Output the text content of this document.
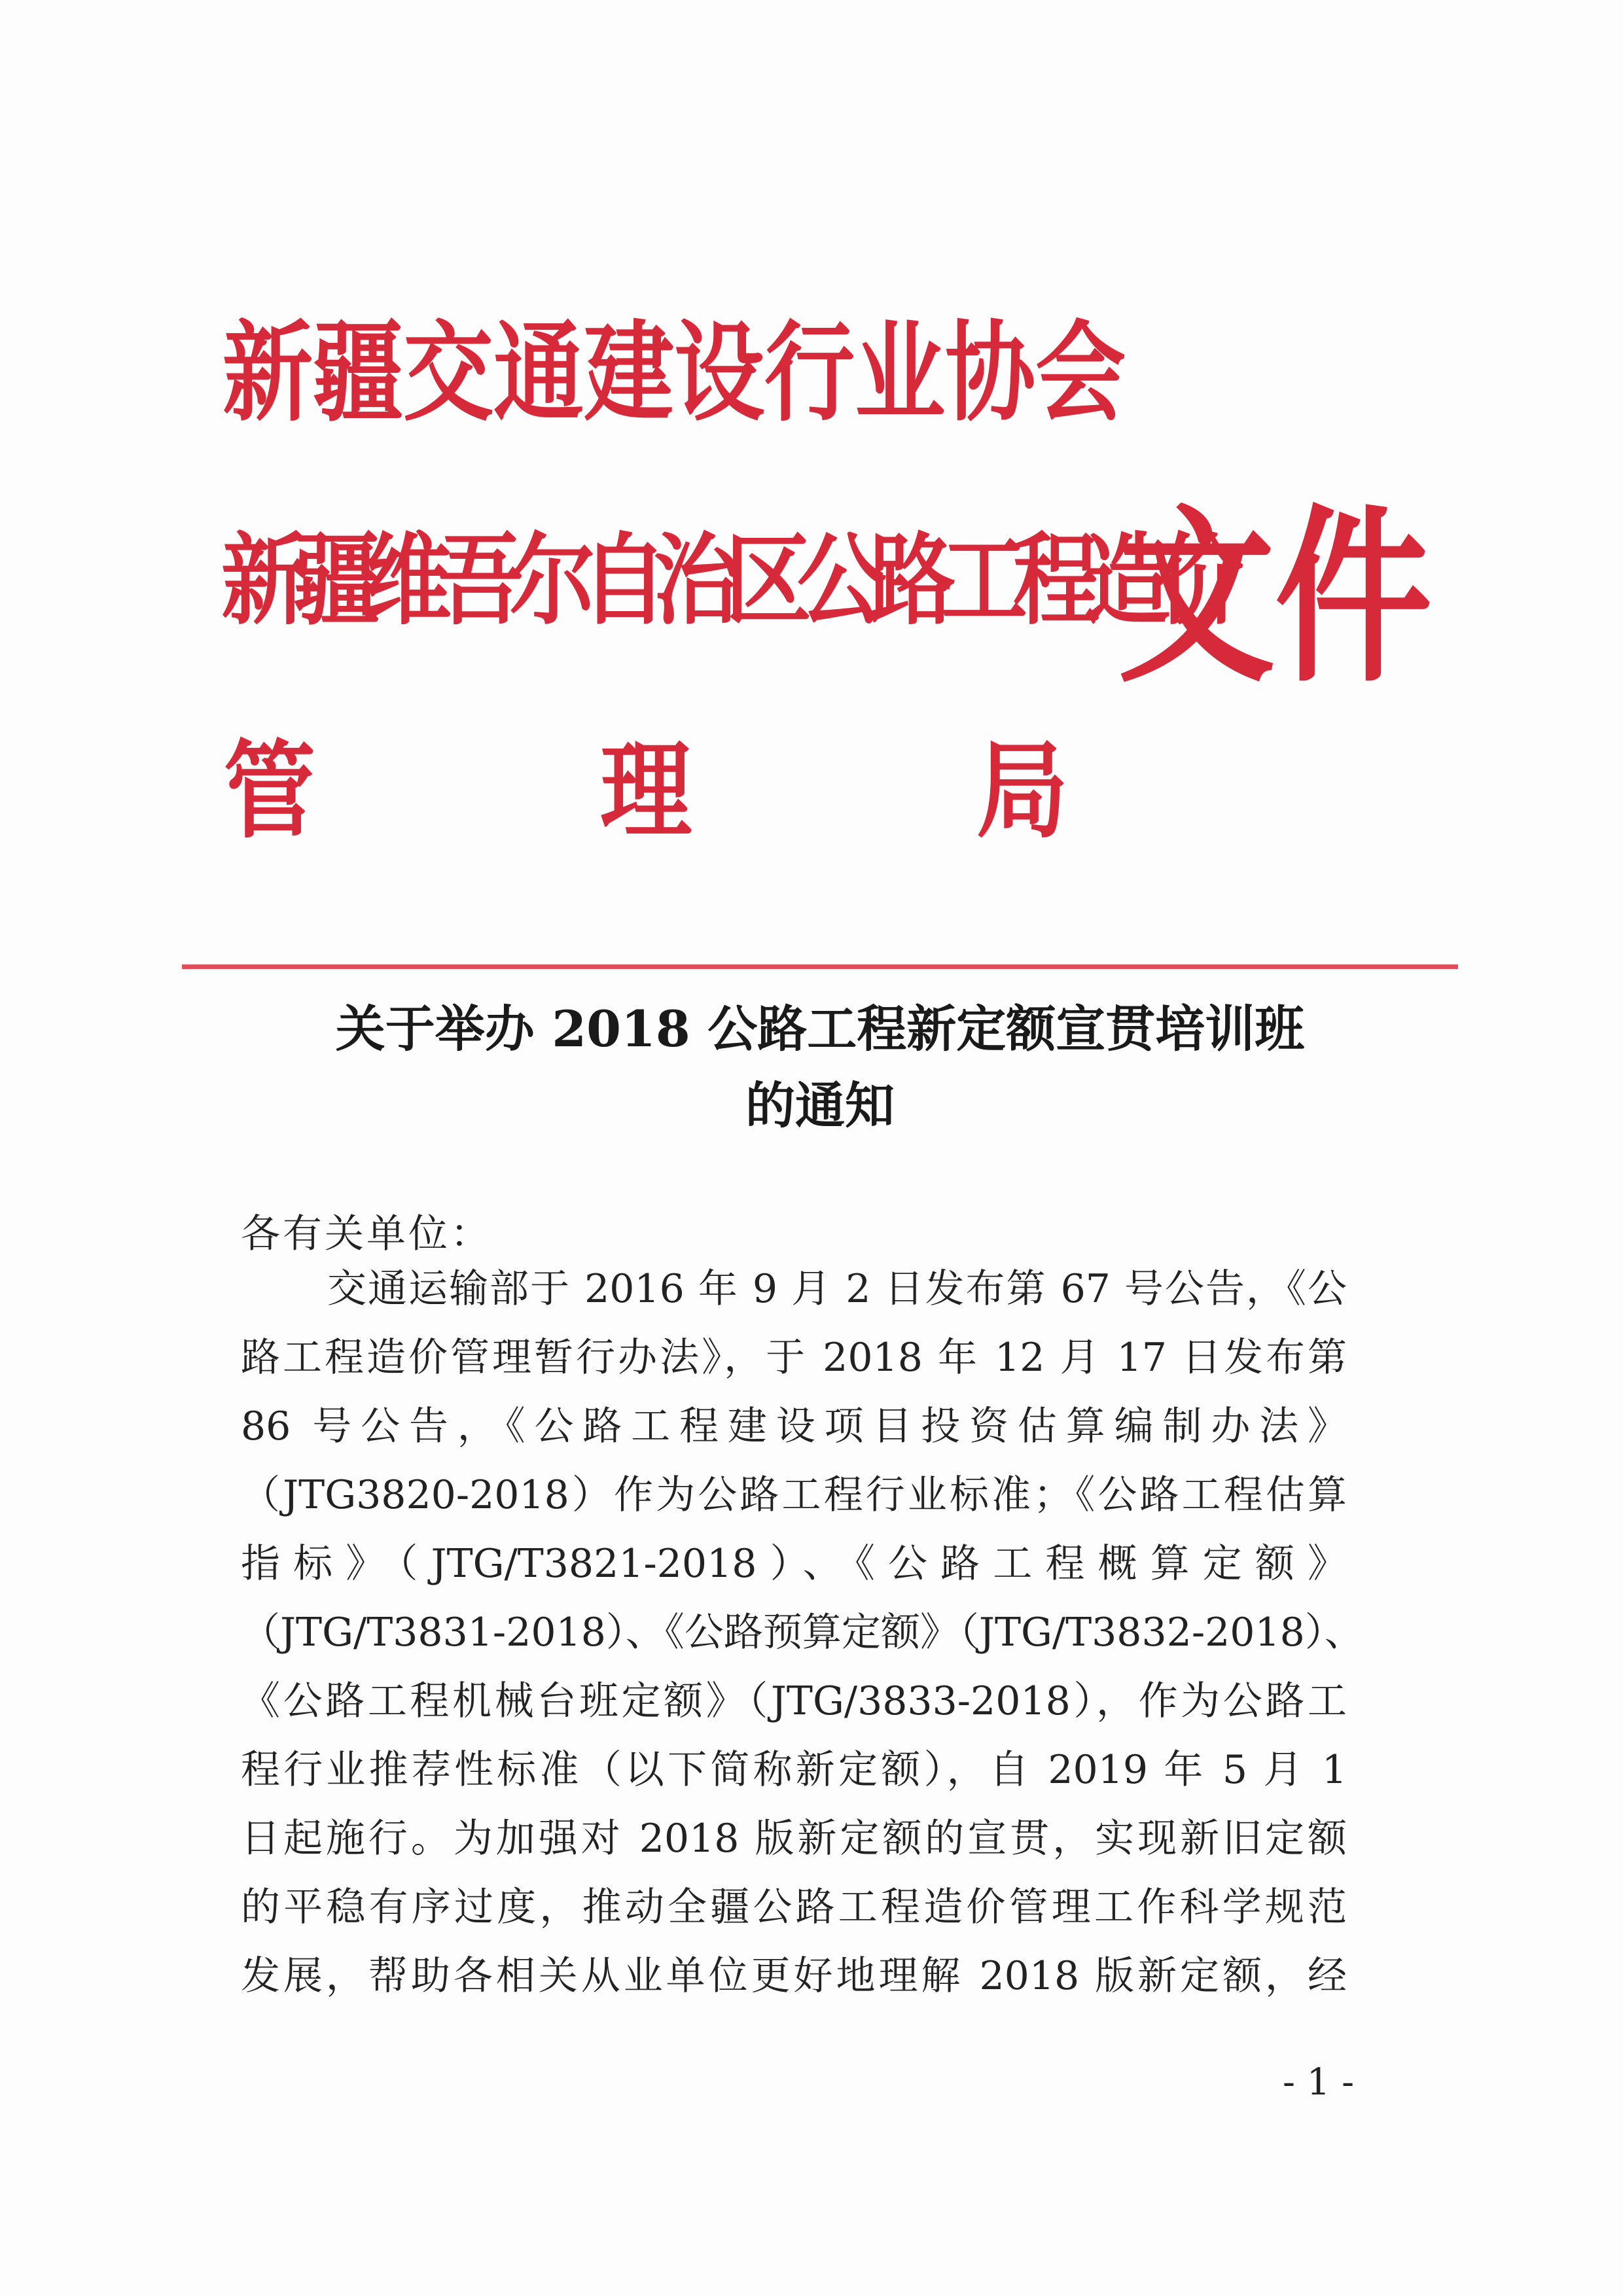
新 疆 交 通 建 设 行 业 协 会
新疆维吾尔自治区公路工程造价
管	理	局
文件
关于举办 2018 公路工程新定额宣贯培训班
的通知
各有关单位：
交通运输部于 2016 年 9 月 2 日发布第 67 号公告，《公
路工程造价管理暂行办法》，于 2018 年 12 月 17 日发布第
86 号公告，《公路工程建设项目投资估算编制办法》
（JTG3820-2018）作为公路工程行业标准；《公路工程估算
指标》（JTG/T3821-2018）、《公路工程概算定额》
（JTG/T3831-2018）、《公路预算定额》（JTG/T3832-2018）、
《公路工程机械台班定额》（JTG/3833-2018），作为公路工
程行业推荐性标准（以下简称新定额），自 2019 年 5 月 1
日起施行。为加强对 2018 版新定额的宣贯，实现新旧定额
的平稳有序过度，推动全疆公路工程造价管理工作科学规范
发展，帮助各相关从业单位更好地理解 2018 版新定额，经
- 1 -
